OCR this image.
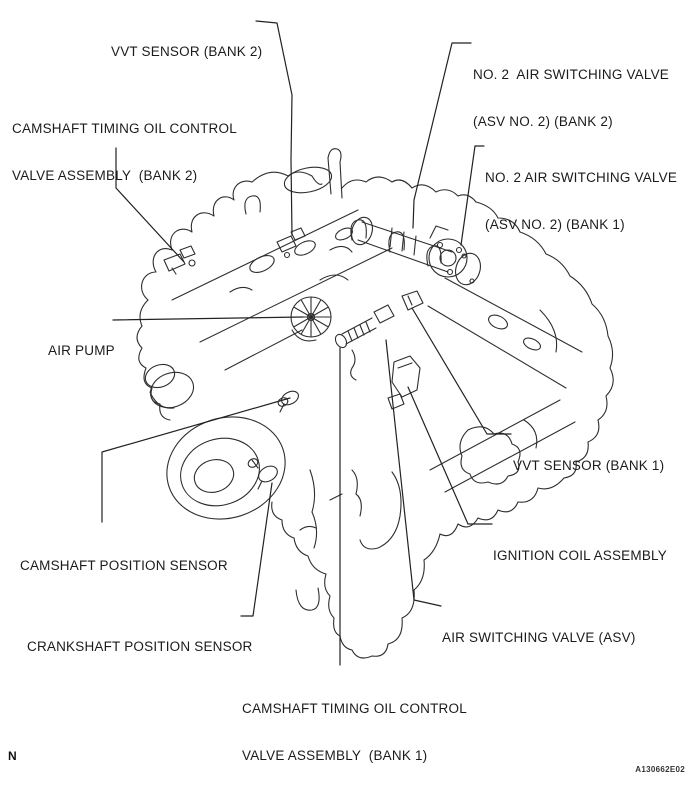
VVT SENSOR (BANK 2)

NO. 2  AIR SWITCHING VALVE

(ASV NO. 2) (BANK 2)

CAMSHAFT TIMING OIL CONTROL

VALVE ASSEMBLY  (BANK 2)

	NO. 2 AIR SWITCHING VALVE

(ASV NO. 2) (BANK 1)

AIR PUMP

VVT SENSOR (BANK 1)

CAMSHAFT POSITION SENSOR

IGNITION COIL ASSEMBLY

CRANKSHAFT POSITION SENSOR

AIR SWITCHING VALVE (ASV)

CAMSHAFT TIMING OIL CONTROL

VALVE ASSEMBLY  (BANK 1)

N
A130662E02
